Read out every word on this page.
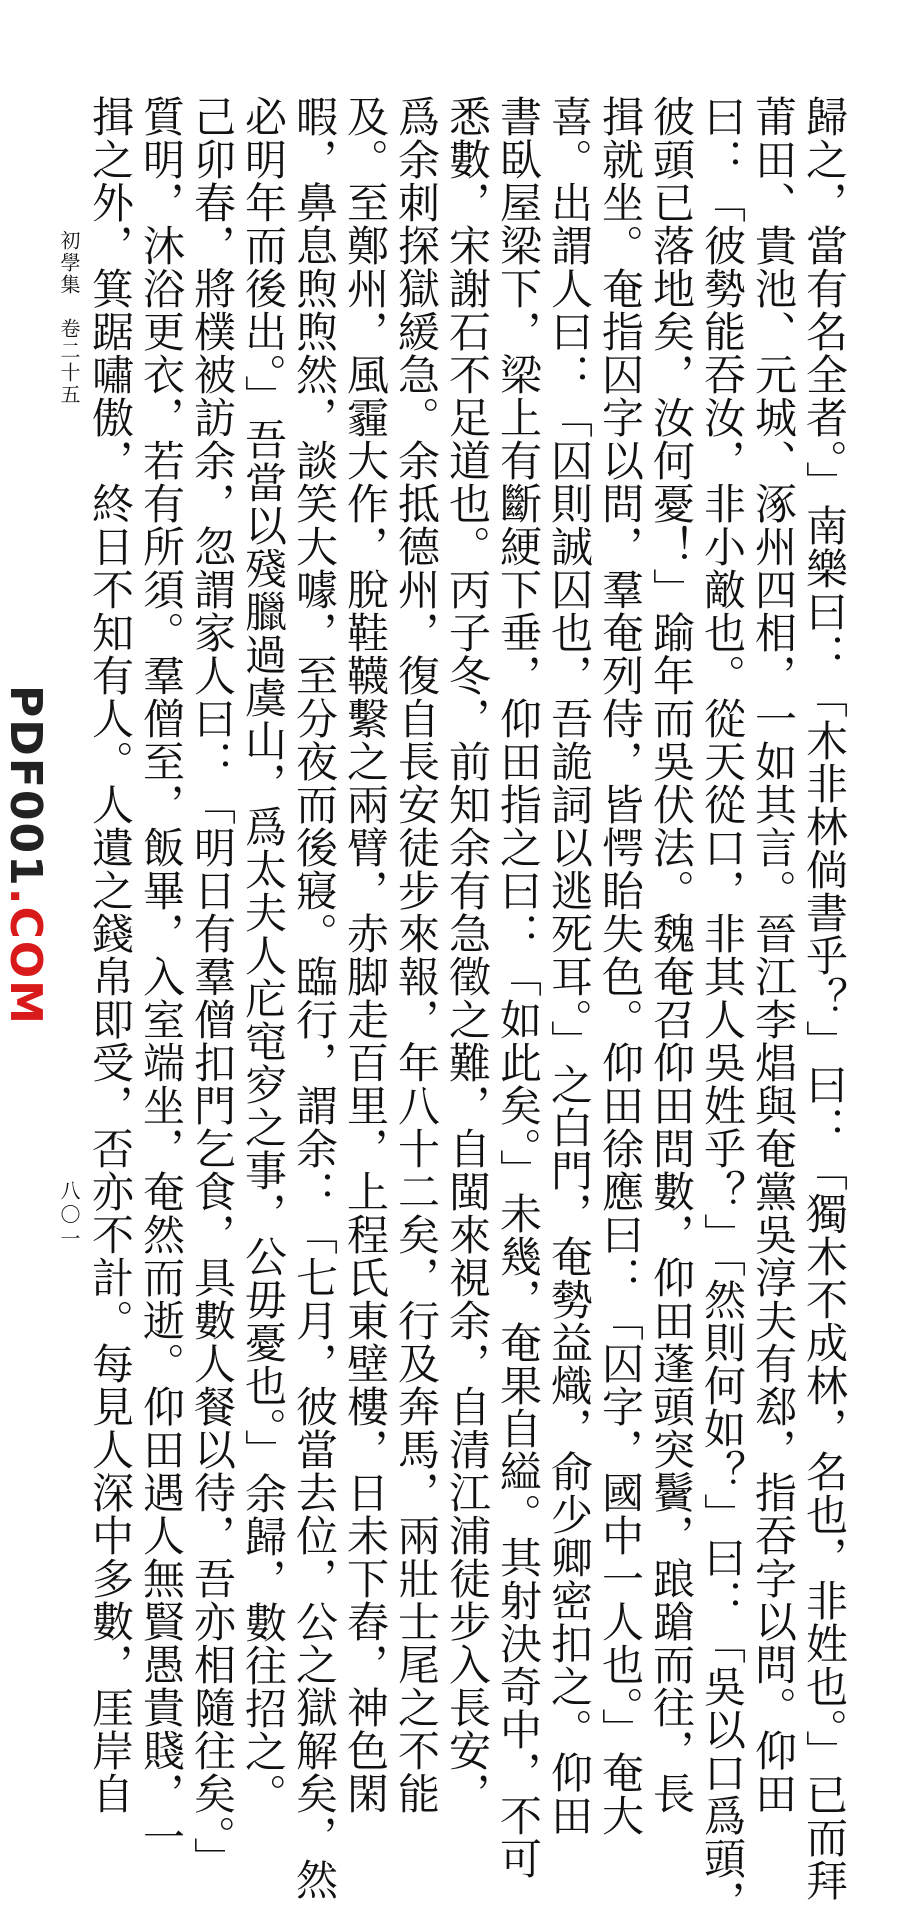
歸之，當有名全者。」南樂曰：「木非林倘書乎？」曰：「獨木不成林，名也，非姓也。」已而拜
莆田、貴池、元城、涿州四相，一如其言。晉江李焻與奄黨吳淳夫有郄，指吞字以問。仰田
曰：「彼勢能吞汝，非小敵也。從天從口，非其人吳姓乎？」「然則何如？」曰：「吳以口爲頭，
彼頭已落地矣，汝何憂！」踰年而吳伏法。魏奄召仰田問數，仰田蓬頭突鬢，踉蹌而往，長
揖就坐。奄指囚字以問，羣奄列侍，皆愕眙失色。仰田徐應曰：「囚字，國中一人也。」奄大
喜。出謂人曰：「囚則誠囚也，吾詭詞以逃死耳。」之白門，奄勢益熾，俞少卿密扣之。仰田
書臥屋梁下，梁上有斷綆下垂，仰田指之曰：「如此矣。」未幾，奄果自縊。其射決奇中，不可
悉數，宋謝石不足道也。丙子冬，前知余有急徵之難，自閩來視余，自清江浦徒步入長安，
爲余刺探獄緩急。余抵德州，復自長安徒步來報，年八十二矣，行及奔馬，兩壯士尾之不能
及。至鄭州，風霾大作，脫鞋韈繫之兩臂，赤脚走百里，上程氏東壁樓，日未下舂，神色閑
暇，鼻息煦煦然，談笑大噱，至分夜而後寢。臨行，謂余：「七月，彼當去位，公之獄解矣，然
必明年而後出。」吾當以殘臘過虞山，爲太夫人庀窀穸之事，公毋憂也。」余歸，數往招之。
己卯春，將樸被訪余，忽謂家人曰：「明日有羣僧扣門乞食，具數人餐以待，吾亦相隨往矣。」
質明，沐浴更衣，若有所須。羣僧至，飯畢，入室端坐，奄然而逝。仰田遇人無賢愚貴賤，一
揖之外，箕踞嘯傲，終日不知有人。人遺之錢帛即受，否亦不計。每見人深中多數，厓岸自
初學集　卷二十五
八〇一
PDF001.COM
